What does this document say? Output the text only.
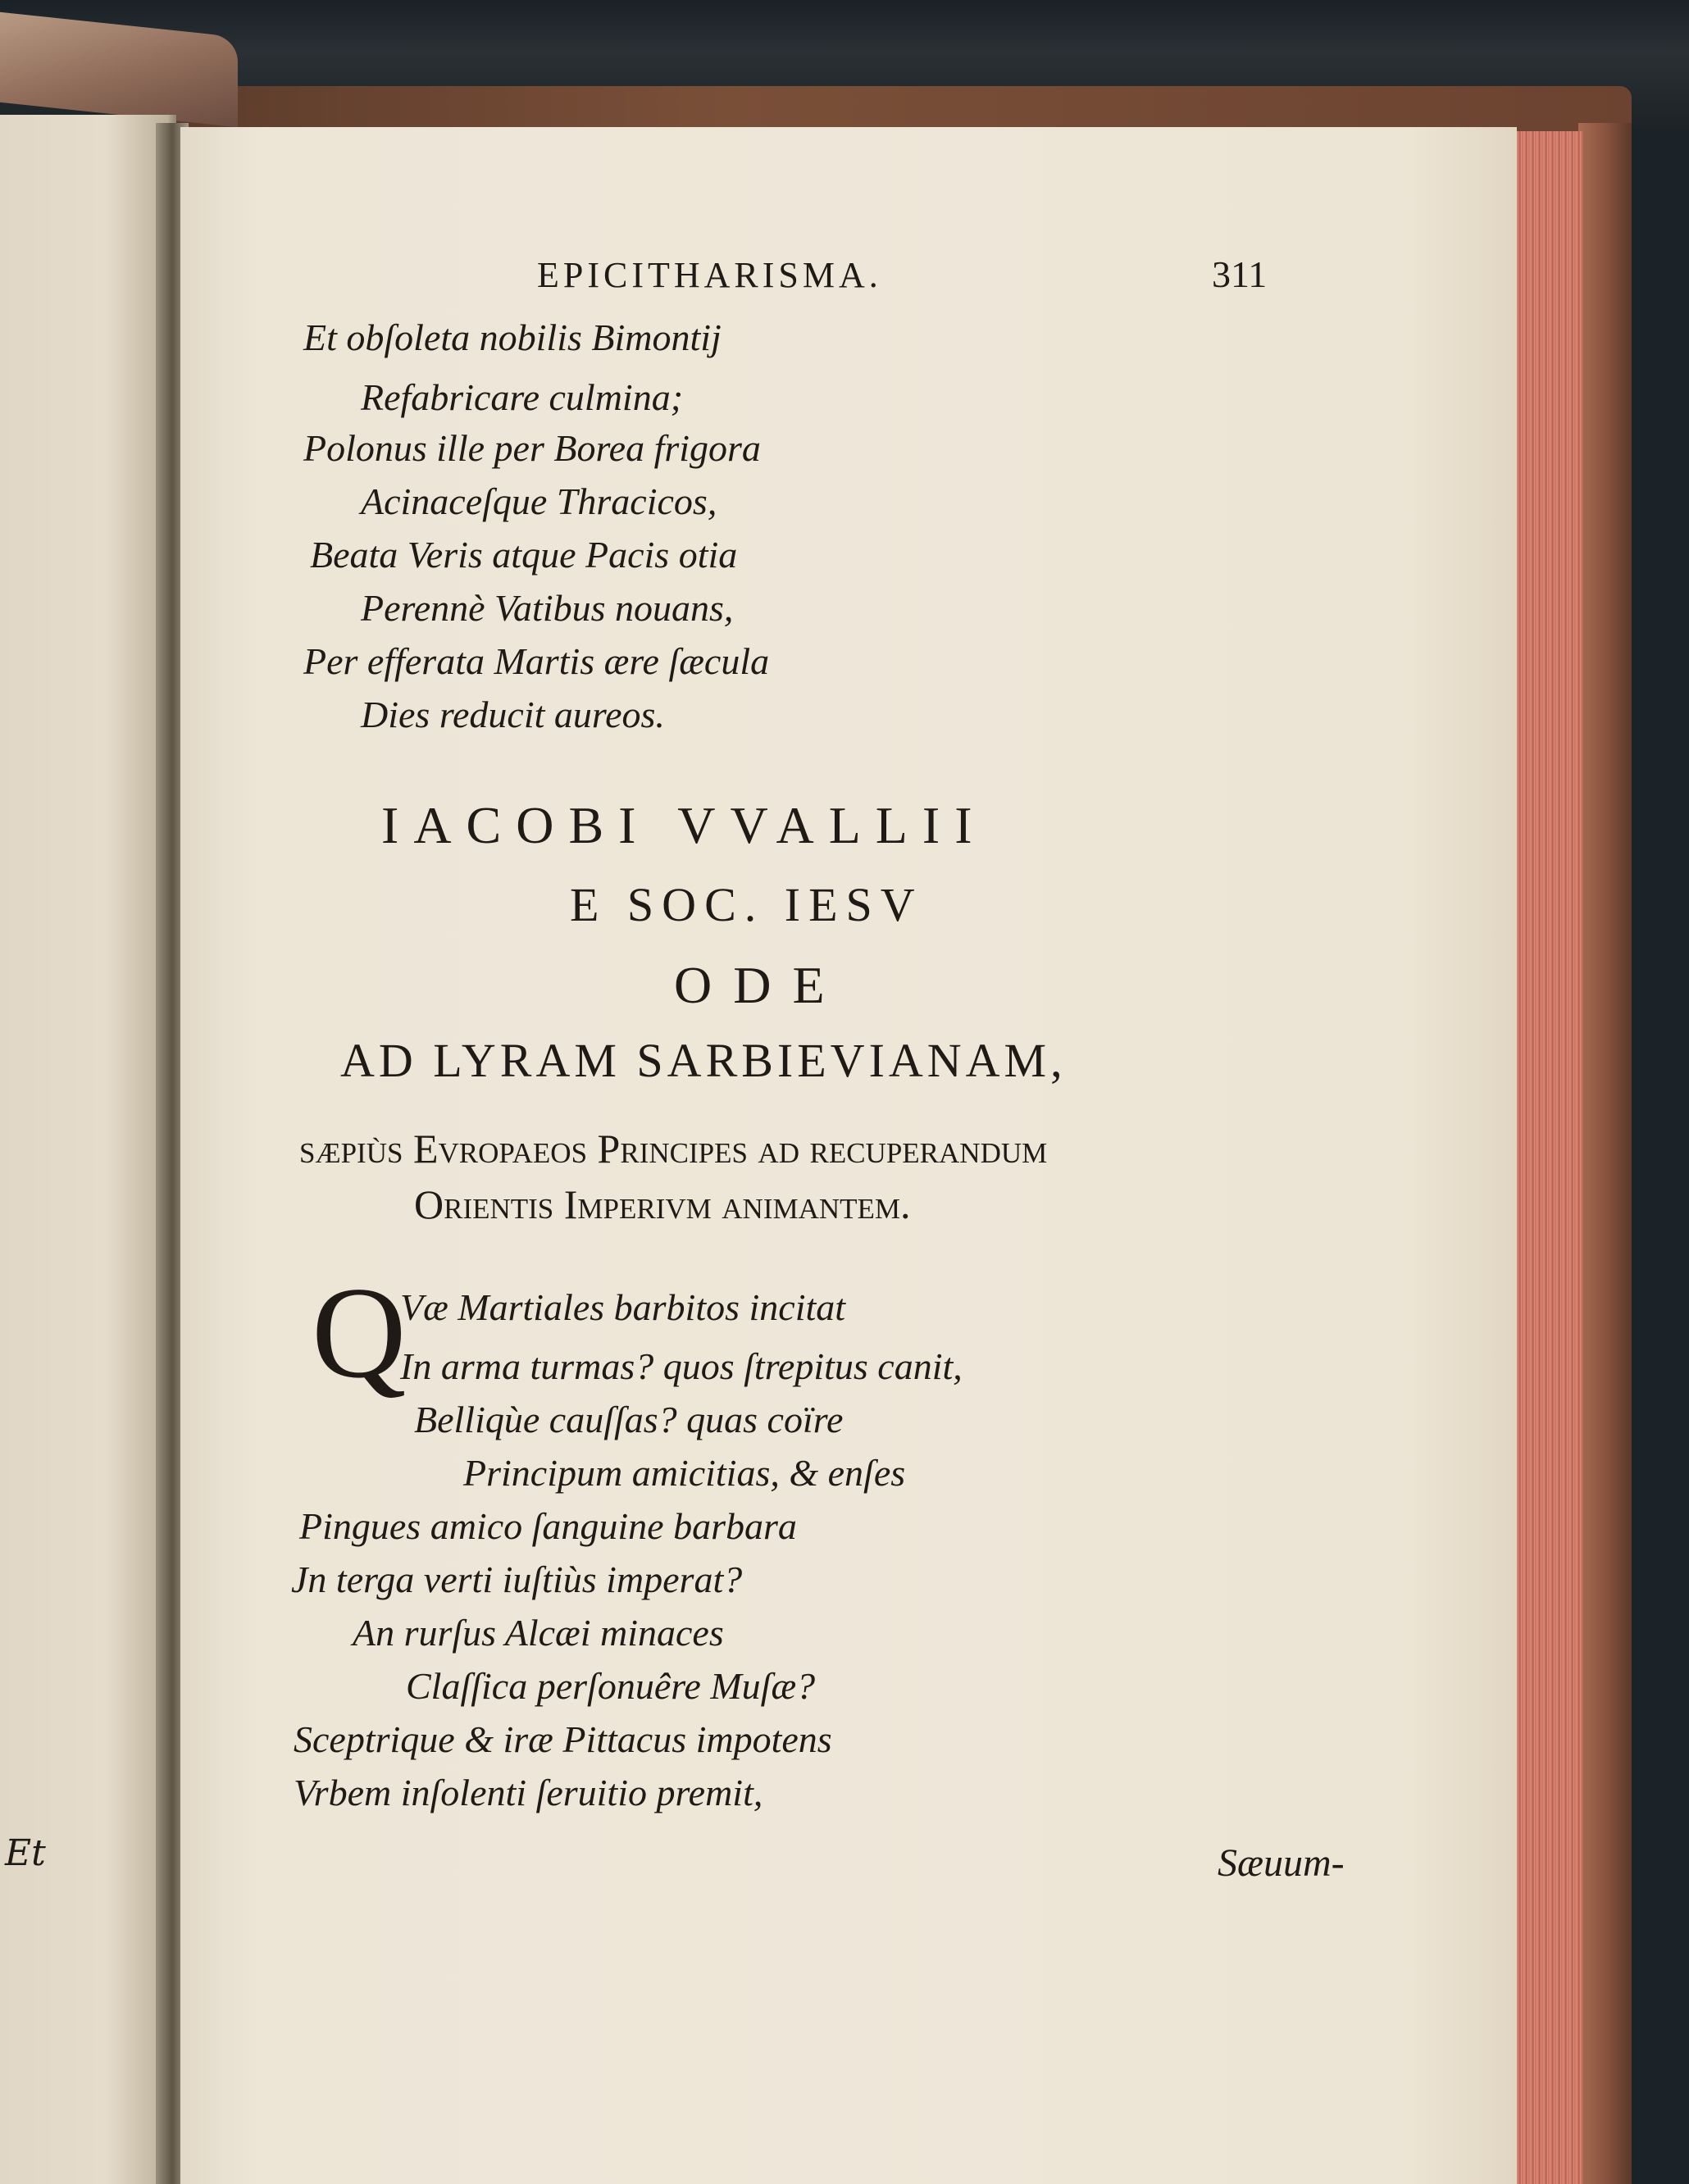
Et
EPICITHARISMA.	311
Et obſoleta nobilis Bimontij
Refabricare culmina;
Polonus ille per Borea frigora
Acinaceſque Thracicos,
Beata Veris atque Pacis otia
Perennè Vatibus nouans,
Per efferata Martis ære ſæcula
Dies reducit aureos.
IACOBI VVALLII
E SOC. IESV
ODE
AD LYRAM SARBIEVIANAM,
ſæpiùs Evropaeos Principes ad recuperandum
Orientis Imperivm animantem.
Q
Væ Martiales barbitos incitat
In arma turmas? quos ſtrepitus canit,
Belliqùe cauſſas? quas coïre
Principum amicitias, & enſes
Pingues amico ſanguine barbara
Jn terga verti iuſtiùs imperat?
An rurſus Alcæi minaces
Claſſica perſonuêre Muſæ?
Sceptrique & iræ Pittacus impotens
Vrbem inſolenti ſeruitio premit,
Sæuum-
